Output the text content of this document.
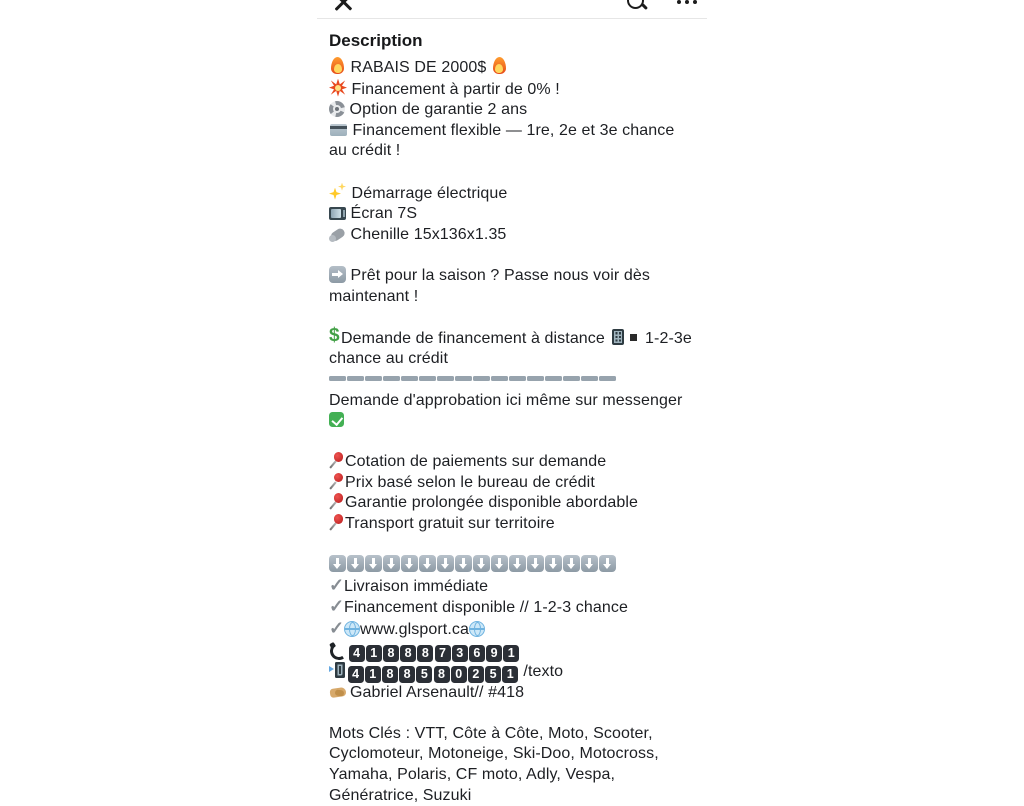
Description
RABAIS DE 2000$
Financement à partir de 0% !
Option de garantie 2 ans
Financement flexible — 1re, 2e et 3e chance au crédit !
Démarrage électrique
Écran 7S
Chenille 15x136x1.35
Prêt pour la saison ? Passe nous voir dès maintenant !
$Demande de financement à distance  1-2-3e chance au crédit
Demande d'approbation ici même sur messenger
Cotation de paiements sur demande
Prix basé selon le bureau de crédit
Garantie prolongée disponible abordable
Transport gratuit sur territoire
✓Livraison immédiate
✓Financement disponible // 1-2-3 chance
✓www.glsport.ca
4 1 8 8 8 7 3 6 9 1
4 1 8 8 5 8 0 2 5 1 /texto
Gabriel Arsenault// #418
Mots Clés : VTT, Côte à Côte, Moto, Scooter, Cyclomoteur, Motoneige, Ski-Doo, Motocross, Yamaha, Polaris, CF moto, Adly, Vespa, Génératrice, Suzuki
